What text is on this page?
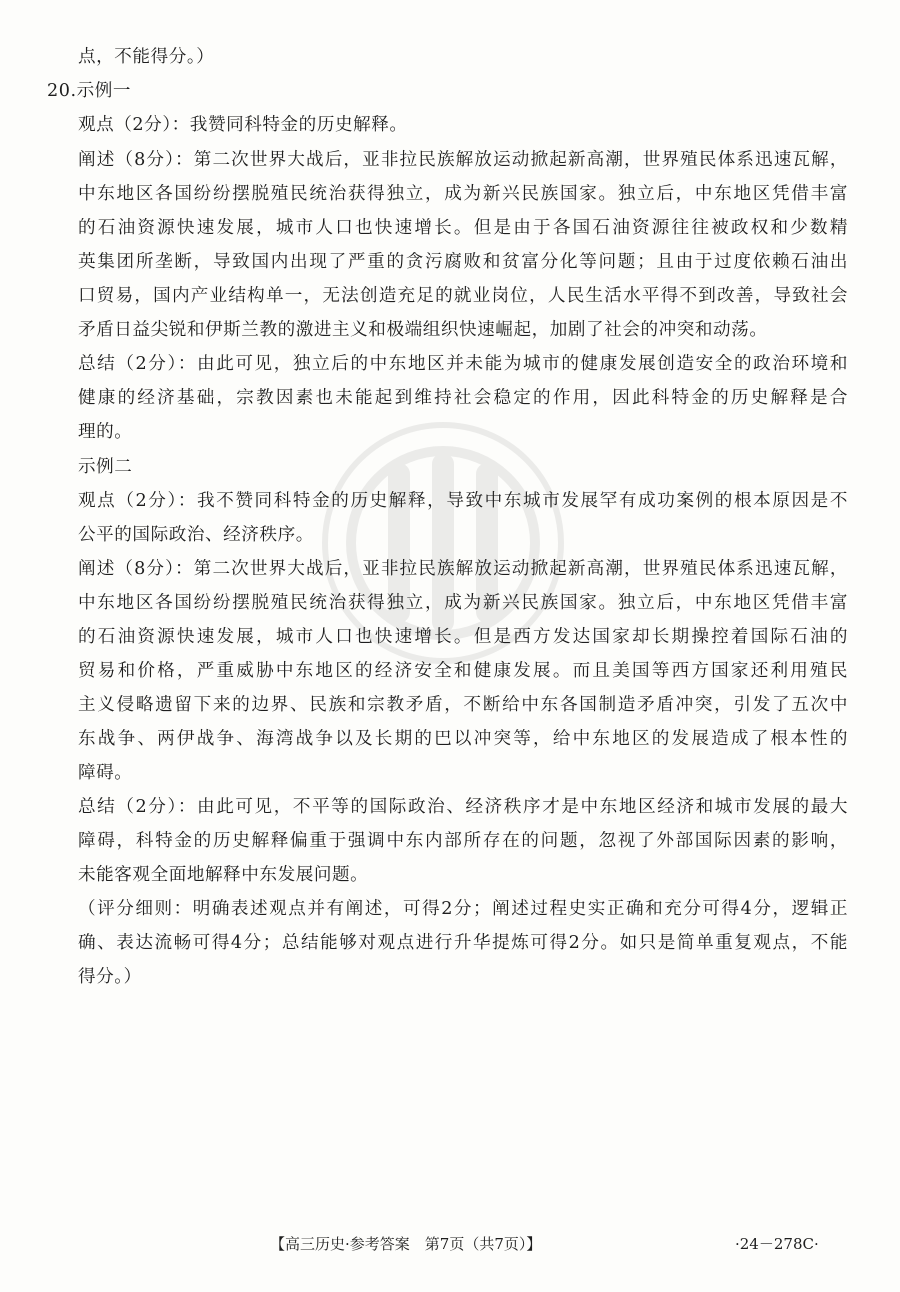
点，不能得分。）
20.示例一
观点（2分）：我赞同科特金的历史解释。
阐述（8分）：第二次世界大战后，亚非拉民族解放运动掀起新高潮，世界殖民体系迅速瓦解，
中东地区各国纷纷摆脱殖民统治获得独立，成为新兴民族国家。独立后，中东地区凭借丰富
的石油资源快速发展，城市人口也快速增长。但是由于各国石油资源往往被政权和少数精
英集团所垄断，导致国内出现了严重的贪污腐败和贫富分化等问题；且由于过度依赖石油出
口贸易，国内产业结构单一，无法创造充足的就业岗位，人民生活水平得不到改善，导致社会
矛盾日益尖锐和伊斯兰教的激进主义和极端组织快速崛起，加剧了社会的冲突和动荡。
总结（2分）：由此可见，独立后的中东地区并未能为城市的健康发展创造安全的政治环境和
健康的经济基础，宗教因素也未能起到维持社会稳定的作用，因此科特金的历史解释是合
理的。
示例二
观点（2分）：我不赞同科特金的历史解释，导致中东城市发展罕有成功案例的根本原因是不
公平的国际政治、经济秩序。
阐述（8分）：第二次世界大战后，亚非拉民族解放运动掀起新高潮，世界殖民体系迅速瓦解，
中东地区各国纷纷摆脱殖民统治获得独立，成为新兴民族国家。独立后，中东地区凭借丰富
的石油资源快速发展，城市人口也快速增长。但是西方发达国家却长期操控着国际石油的
贸易和价格，严重威胁中东地区的经济安全和健康发展。而且美国等西方国家还利用殖民
主义侵略遗留下来的边界、民族和宗教矛盾，不断给中东各国制造矛盾冲突，引发了五次中
东战争、两伊战争、海湾战争以及长期的巴以冲突等，给中东地区的发展造成了根本性的
障碍。
总结（2分）：由此可见，不平等的国际政治、经济秩序才是中东地区经济和城市发展的最大
障碍，科特金的历史解释偏重于强调中东内部所存在的问题，忽视了外部国际因素的影响，
未能客观全面地解释中东发展问题。
（评分细则：明确表述观点并有阐述，可得2分；阐述过程史实正确和充分可得4分，逻辑正
确、表达流畅可得4分；总结能够对观点进行升华提炼可得2分。如只是简单重复观点，不能
得分。）
【高三历史·参考答案　第7页（共7页）】	·24－278C·
